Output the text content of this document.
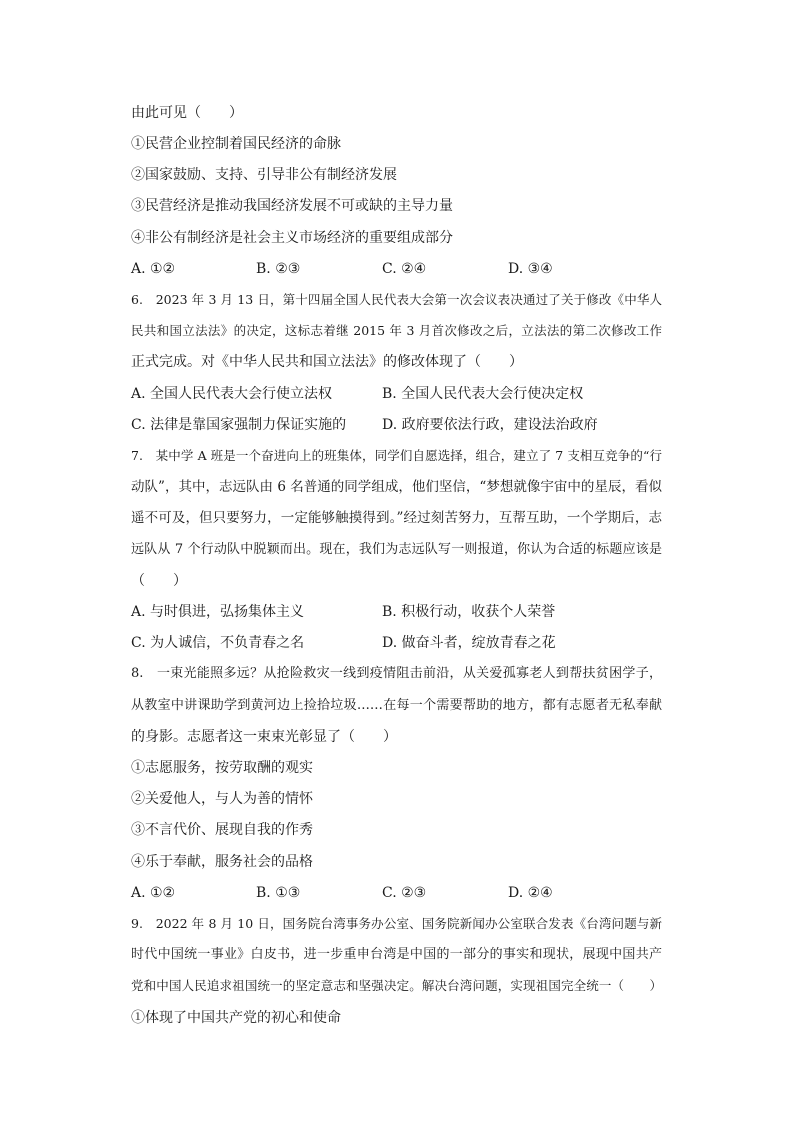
由此可见（　　）
①民营企业控制着国民经济的命脉
②国家鼓励、支持、引导非公有制经济发展
③民营经济是推动我国经济发展不可或缺的主导力量
④非公有制经济是社会主义市场经济的重要组成部分
A. ①②	B. ②③	C. ②④	D. ③④
6.　2023 年 3 月 13 日，第十四届全国人民代表大会第一次会议表决通过了关于修改《中华人
民共和国立法法》的决定，这标志着继 2015 年 3 月首次修改之后，立法法的第二次修改工作
正式完成。对《中华人民共和国立法法》的修改体现了（　　）
A. 全国人民代表大会行使立法权	B. 全国人民代表大会行使决定权
C. 法律是靠国家强制力保证实施的	D. 政府要依法行政，建设法治政府
7.　某中学 A 班是一个奋进向上的班集体，同学们自愿选择，组合，建立了 7 支相互竞争的“行
动队”，其中，志远队由 6 名普通的同学组成，他们坚信，“梦想就像宇宙中的星辰，看似
遥不可及，但只要努力，一定能够触摸得到。”经过刻苦努力，互帮互助，一个学期后，志
远队从 7 个行动队中脱颖而出。现在，我们为志远队写一则报道，你认为合适的标题应该是
（　　）
A. 与时俱进，弘扬集体主义	B. 积极行动，收获个人荣誉
C. 为人诚信，不负青春之名	D. 做奋斗者，绽放青春之花
8.　一束光能照多远？从抢险救灾一线到疫情阻击前沿，从关爱孤寡老人到帮扶贫困学子，
从教室中讲课助学到黄河边上捡拾垃圾……在每一个需要帮助的地方，都有志愿者无私奉献
的身影。志愿者这一束束光彰显了（　　）
①志愿服务，按劳取酬的观实
②关爱他人，与人为善的情怀
③不言代价、展现自我的作秀
④乐于奉献，服务社会的品格
A. ①②	B. ①③	C. ②③	D. ②④
9.　2022 年 8 月 10 日，国务院台湾事务办公室、国务院新闻办公室联合发表《台湾问题与新
时代中国统一事业》白皮书，进一步重申台湾是中国的一部分的事实和现状，展现中国共产
党和中国人民追求祖国统一的坚定意志和坚强决定。解决台湾问题，实现祖国完全统一（　　）
①体现了中国共产党的初心和使命
